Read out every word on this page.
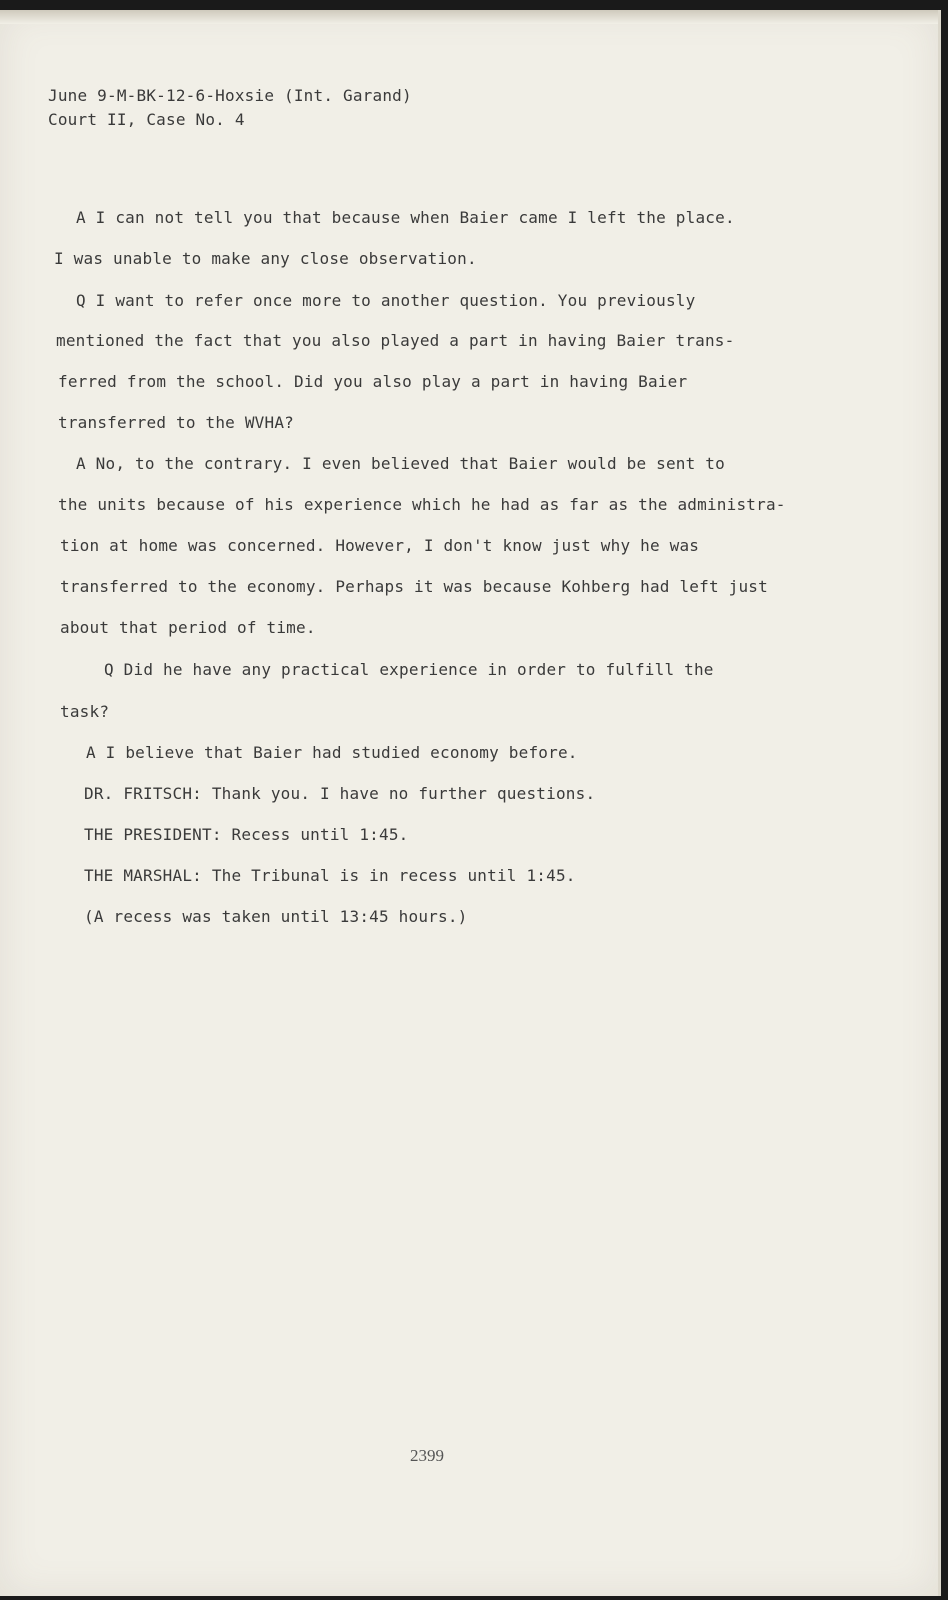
June 9-M-BK-12-6-Hoxsie (Int. Garand)
Court II, Case No. 4
A I can not tell you that because when Baier came I left the place.
I was unable to make any close observation.
Q I want to refer once more to another question. You previously
mentioned the fact that you also played a part in having Baier trans-
ferred from the school. Did you also play a part in having Baier
transferred to the WVHA?
A No, to the contrary. I even believed that Baier would be sent to
the units because of his experience which he had as far as the administra-
tion at home was concerned. However, I don't know just why he was
transferred to the economy. Perhaps it was because Kohberg had left just
about that period of time.
Q Did he have any practical experience in order to fulfill the
task?
A I believe that Baier had studied economy before.
DR. FRITSCH: Thank you. I have no further questions.
THE PRESIDENT: Recess until 1:45.
THE MARSHAL: The Tribunal is in recess until 1:45.
(A recess was taken until 13:45 hours.)
2399
